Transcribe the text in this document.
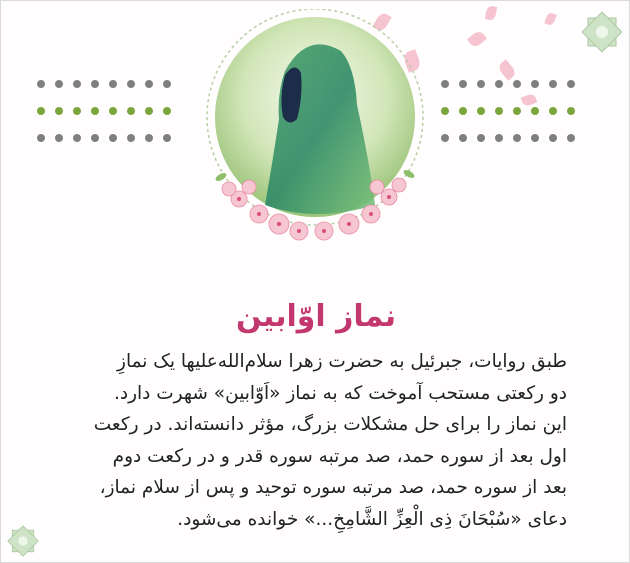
نماز اوّابین

طبق روایات، جبرئیل به حضرت زهرا سلام‌الله‌علیها یک نمازِ

دو رکعتی مستحب آموخت که به نماز «اَوّابین» شهرت دارد.

این نماز را برای حل مشکلات بزرگ، مؤثر دانسته‌اند. در رکعت

اول بعد از سوره حمد، صد مرتبه سوره قدر و در رکعت دوم

بعد از سوره حمد، صد مرتبه سوره توحید و پس از سلام نماز،

دعای «سُبْحَانَ ذِی الْعِزِّ الشَّامِخِ...» خوانده می‌شود.
